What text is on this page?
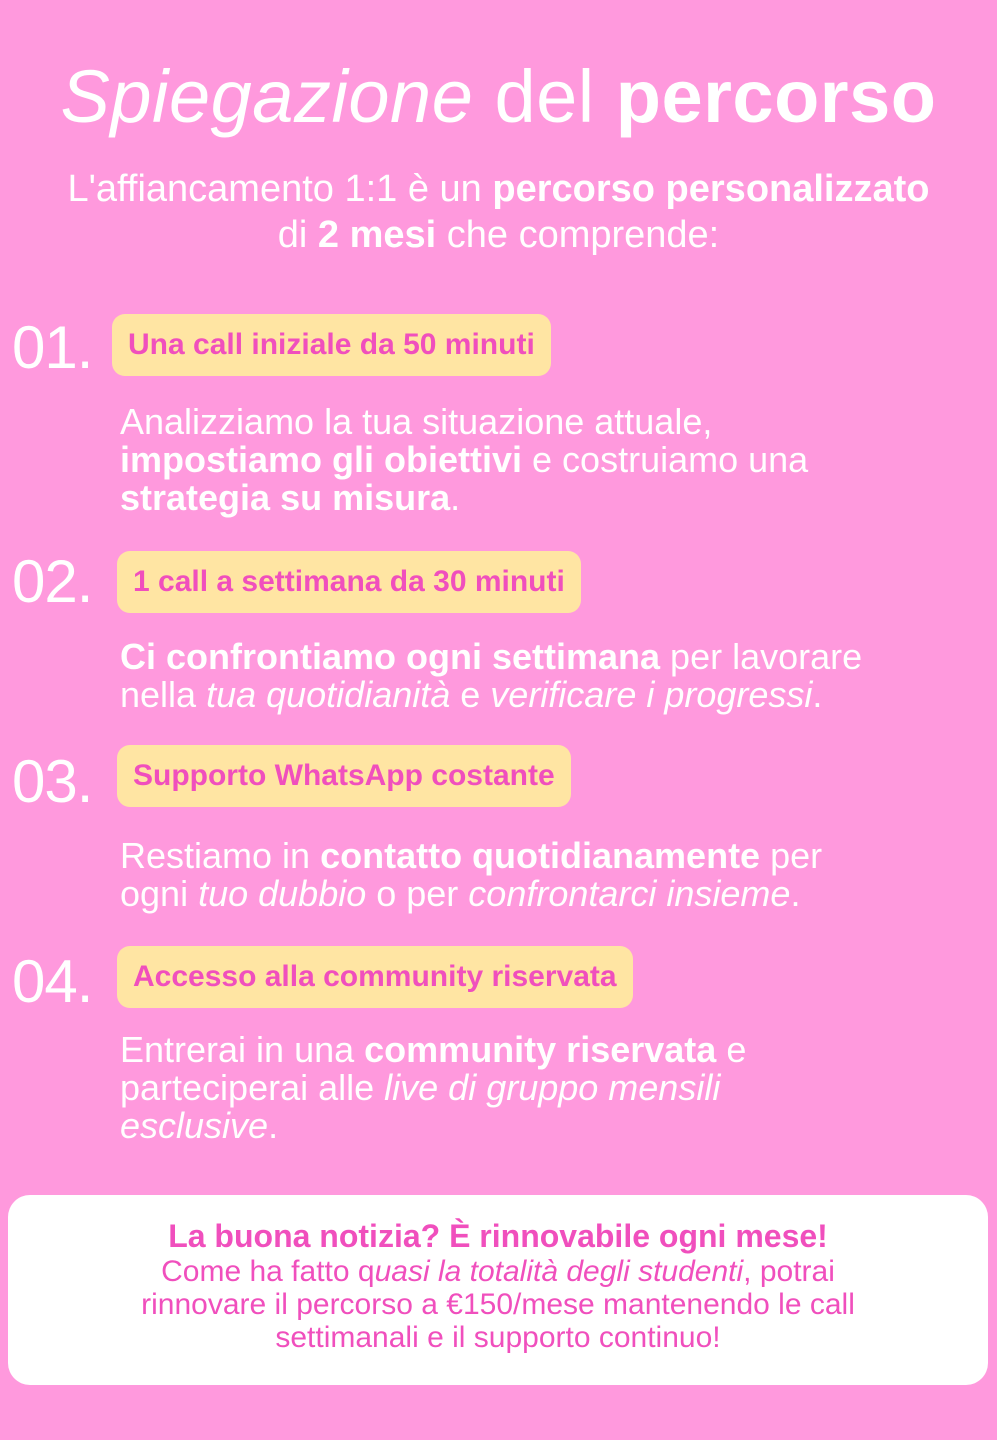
Spiegazione del percorso
L'affiancamento 1:1 è un percorso personalizzato
di 2 mesi che comprende:
01.	Una call iniziale da 50 minuti
Analizziamo la tua situazione attuale,
impostiamo gli obiettivi e costruiamo una
strategia su misura.
02.	1 call a settimana da 30 minuti
Ci confrontiamo ogni settimana per lavorare
nella tua quotidianità e verificare i progressi.
03.	Supporto WhatsApp costante
Restiamo in contatto quotidianamente per
ogni tuo dubbio o per confrontarci insieme.
04.	Accesso alla community riservata
Entrerai in una community riservata e
parteciperai alle live di gruppo mensili
esclusive.
La buona notizia? È rinnovabile ogni mese!
Come ha fatto quasi la totalità degli studenti, potrai
rinnovare il percorso a €150/mese mantenendo le call
settimanali e il supporto continuo!
